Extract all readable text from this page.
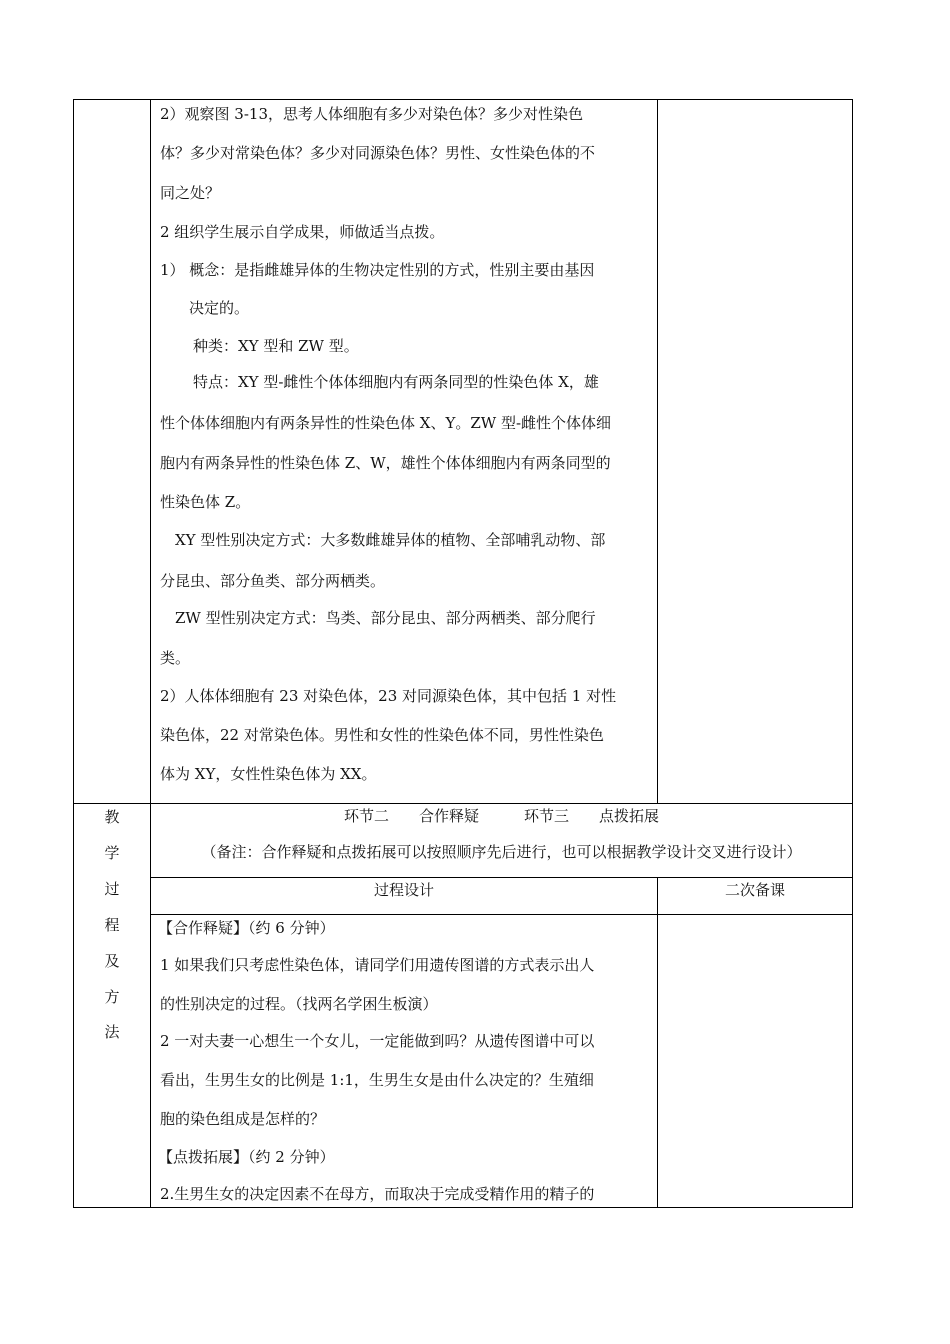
2）观察图 3-13，思考人体细胞有多少对染色体？多少对性染色
体？多少对常染色体？多少对同源染色体？男性、女性染色体的不
同之处？
2 组织学生展示自学成果，师做适当点拨。
1） 概念：是指雌雄异体的生物决定性别的方式，性别主要由基因
决定的。
种类：XY 型和 ZW 型。
特点：XY 型-雌性个体体细胞内有两条同型的性染色体 X，雄
性个体体细胞内有两条异性的性染色体 X、Y。ZW 型-雌性个体体细
胞内有两条异性的性染色体 Z、W，雄性个体体细胞内有两条同型的
性染色体 Z。
XY 型性别决定方式：大多数雌雄异体的植物、全部哺乳动物、部
分昆虫、部分鱼类、部分两栖类。
ZW 型性别决定方式：鸟类、部分昆虫、部分两栖类、部分爬行
类。
2）人体体细胞有 23 对染色体，23 对同源染色体，其中包括 1 对性
染色体，22 对常染色体。男性和女性的性染色体不同，男性性染色
体为 XY，女性性染色体为 XX。
教
学
过
程
及
方
法
环节二　　合作释疑　　　环节三　　点拨拓展
（备注：合作释疑和点拨拓展可以按照顺序先后进行，也可以根据教学设计交叉进行设计）
过程设计	二次备课
【合作释疑】（约 6 分钟）
1 如果我们只考虑性染色体，请同学们用遗传图谱的方式表示出人
的性别决定的过程。（找两名学困生板演）
2 一对夫妻一心想生一个女儿，一定能做到吗？从遗传图谱中可以
看出，生男生女的比例是 1:1，生男生女是由什么决定的？生殖细
胞的染色组成是怎样的？
【点拨拓展】（约 2 分钟）
2.生男生女的决定因素不在母方，而取决于完成受精作用的精子的
